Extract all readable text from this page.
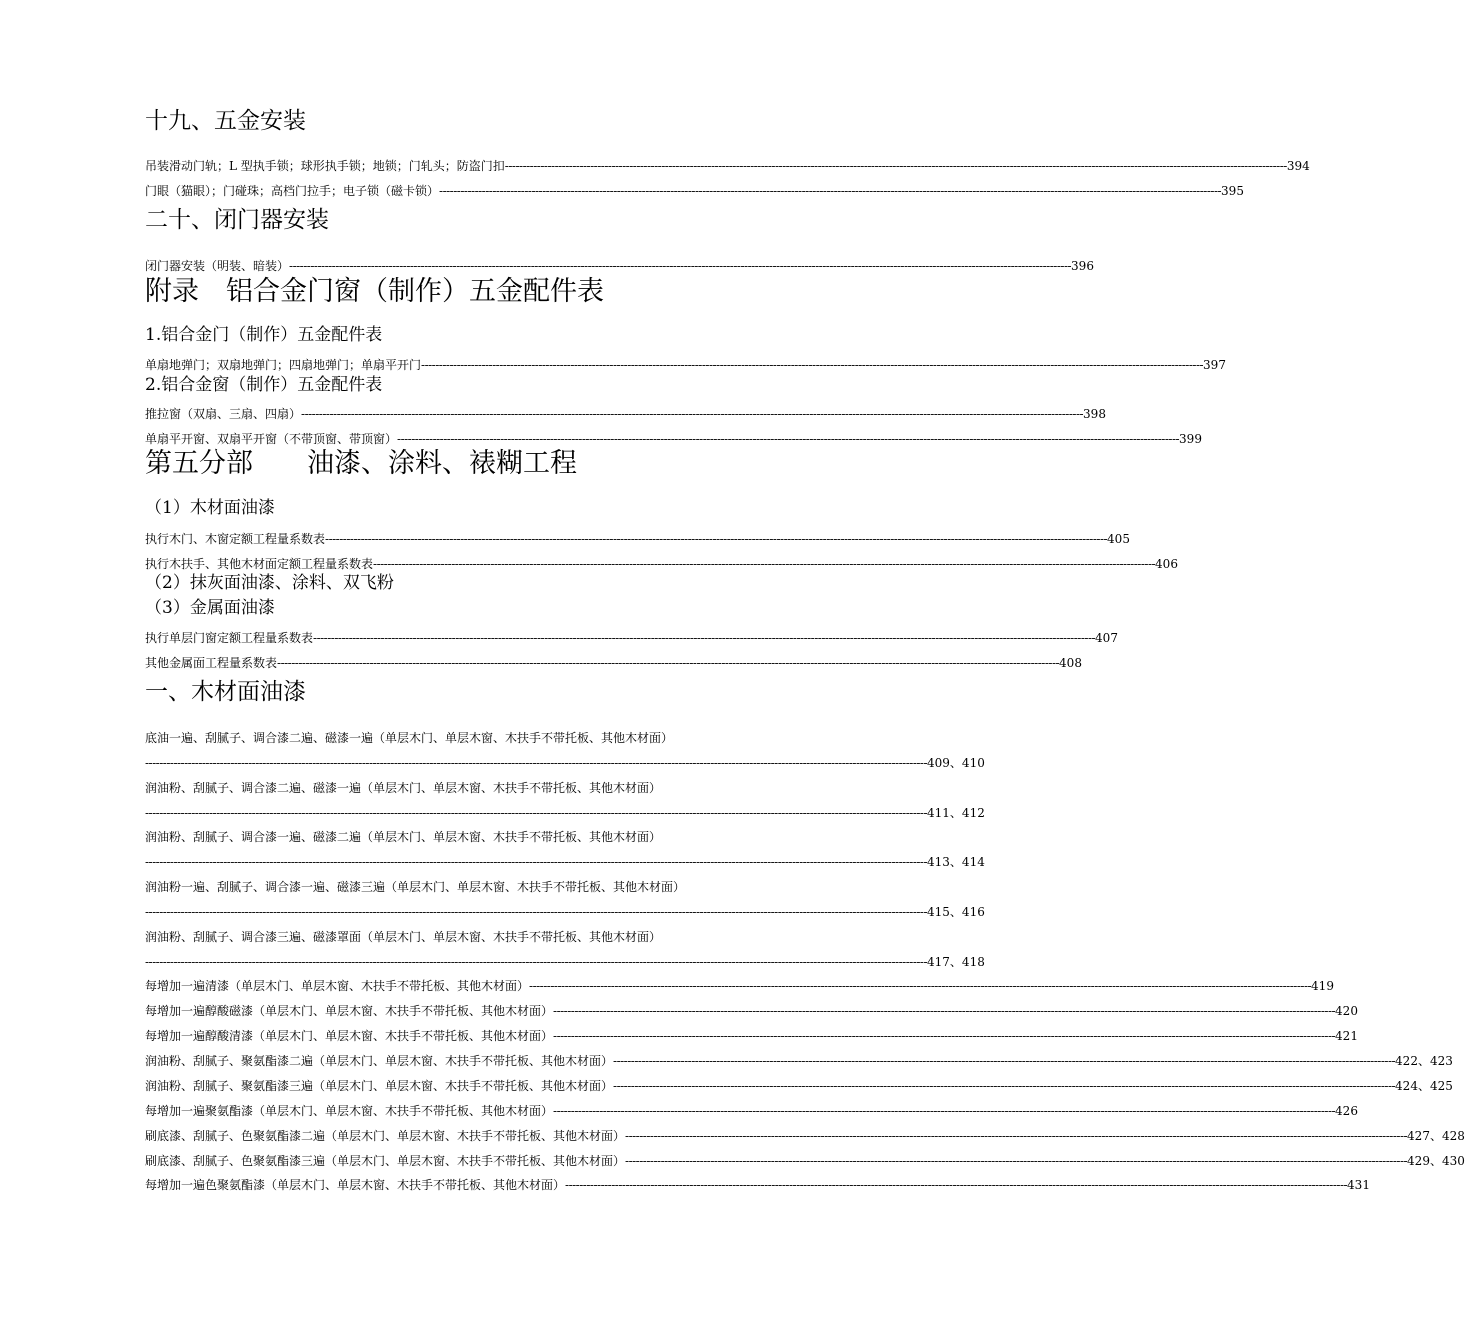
十九、五金安装
吊装滑动门轨；L 型执手锁；球形执手锁；地锁；门轧头；防盗门扣 ---------------------------------------------------------------------------------------------------------------------------------------------------------------------------------------------------------------------------- 394
门眼（猫眼）；门碰珠；高档门拉手；电子锁（磁卡锁） ---------------------------------------------------------------------------------------------------------------------------------------------------------------------------------------------------------------------------- 395
二十、闭门器安装
闭门器安装（明装、暗装） ---------------------------------------------------------------------------------------------------------------------------------------------------------------------------------------------------------------------------- 396
附录　铝合金门窗（制作）五金配件表
1.铝合金门（制作）五金配件表
单扇地弹门；双扇地弹门；四扇地弹门；单扇平开门 ---------------------------------------------------------------------------------------------------------------------------------------------------------------------------------------------------------------------------- 397
2.铝合金窗（制作）五金配件表
推拉窗（双扇、三扇、四扇） ---------------------------------------------------------------------------------------------------------------------------------------------------------------------------------------------------------------------------- 398
单扇平开窗、双扇平开窗（不带顶窗、带顶窗） ---------------------------------------------------------------------------------------------------------------------------------------------------------------------------------------------------------------------------- 399
第五分部　　油漆、涂料、裱糊工程
（1）木材面油漆
执行木门、木窗定额工程量系数表 ---------------------------------------------------------------------------------------------------------------------------------------------------------------------------------------------------------------------------- 405
执行木扶手、其他木材面定额工程量系数表 ---------------------------------------------------------------------------------------------------------------------------------------------------------------------------------------------------------------------------- 406
（2）抹灰面油漆、涂料、双飞粉
（3）金属面油漆
执行单层门窗定额工程量系数表 ---------------------------------------------------------------------------------------------------------------------------------------------------------------------------------------------------------------------------- 407
其他金属面工程量系数表 ---------------------------------------------------------------------------------------------------------------------------------------------------------------------------------------------------------------------------- 408
一、木材面油漆
底油一遍、刮腻子、调合漆二遍、磁漆一遍（单层木门、单层木窗、木扶手不带托板、其他木材面）
---------------------------------------------------------------------------------------------------------------------------------------------------------------------------------------------------------------------------- 409、410
润油粉、刮腻子、调合漆二遍、磁漆一遍（单层木门、单层木窗、木扶手不带托板、其他木材面）
---------------------------------------------------------------------------------------------------------------------------------------------------------------------------------------------------------------------------- 411、412
润油粉、刮腻子、调合漆一遍、磁漆二遍（单层木门、单层木窗、木扶手不带托板、其他木材面）
---------------------------------------------------------------------------------------------------------------------------------------------------------------------------------------------------------------------------- 413、414
润油粉一遍、刮腻子、调合漆一遍、磁漆三遍（单层木门、单层木窗、木扶手不带托板、其他木材面）
---------------------------------------------------------------------------------------------------------------------------------------------------------------------------------------------------------------------------- 415、416
润油粉、刮腻子、调合漆三遍、磁漆罩面（单层木门、单层木窗、木扶手不带托板、其他木材面）
---------------------------------------------------------------------------------------------------------------------------------------------------------------------------------------------------------------------------- 417、418
每增加一遍清漆（单层木门、单层木窗、木扶手不带托板、其他木材面） ---------------------------------------------------------------------------------------------------------------------------------------------------------------------------------------------------------------------------- 419
每增加一遍醇酸磁漆（单层木门、单层木窗、木扶手不带托板、其他木材面） ---------------------------------------------------------------------------------------------------------------------------------------------------------------------------------------------------------------------------- 420
每增加一遍醇酸清漆（单层木门、单层木窗、木扶手不带托板、其他木材面） ---------------------------------------------------------------------------------------------------------------------------------------------------------------------------------------------------------------------------- 421
润油粉、刮腻子、聚氨酯漆二遍（单层木门、单层木窗、木扶手不带托板、其他木材面） ---------------------------------------------------------------------------------------------------------------------------------------------------------------------------------------------------------------------------- 422、423
润油粉、刮腻子、聚氨酯漆三遍（单层木门、单层木窗、木扶手不带托板、其他木材面） ---------------------------------------------------------------------------------------------------------------------------------------------------------------------------------------------------------------------------- 424、425
每增加一遍聚氨酯漆（单层木门、单层木窗、木扶手不带托板、其他木材面） ---------------------------------------------------------------------------------------------------------------------------------------------------------------------------------------------------------------------------- 426
刷底漆、刮腻子、色聚氨酯漆二遍（单层木门、单层木窗、木扶手不带托板、其他木材面） ---------------------------------------------------------------------------------------------------------------------------------------------------------------------------------------------------------------------------- 427、428
刷底漆、刮腻子、色聚氨酯漆三遍（单层木门、单层木窗、木扶手不带托板、其他木材面） ---------------------------------------------------------------------------------------------------------------------------------------------------------------------------------------------------------------------------- 429、430
每增加一遍色聚氨酯漆（单层木门、单层木窗、木扶手不带托板、其他木材面） ---------------------------------------------------------------------------------------------------------------------------------------------------------------------------------------------------------------------------- 431
